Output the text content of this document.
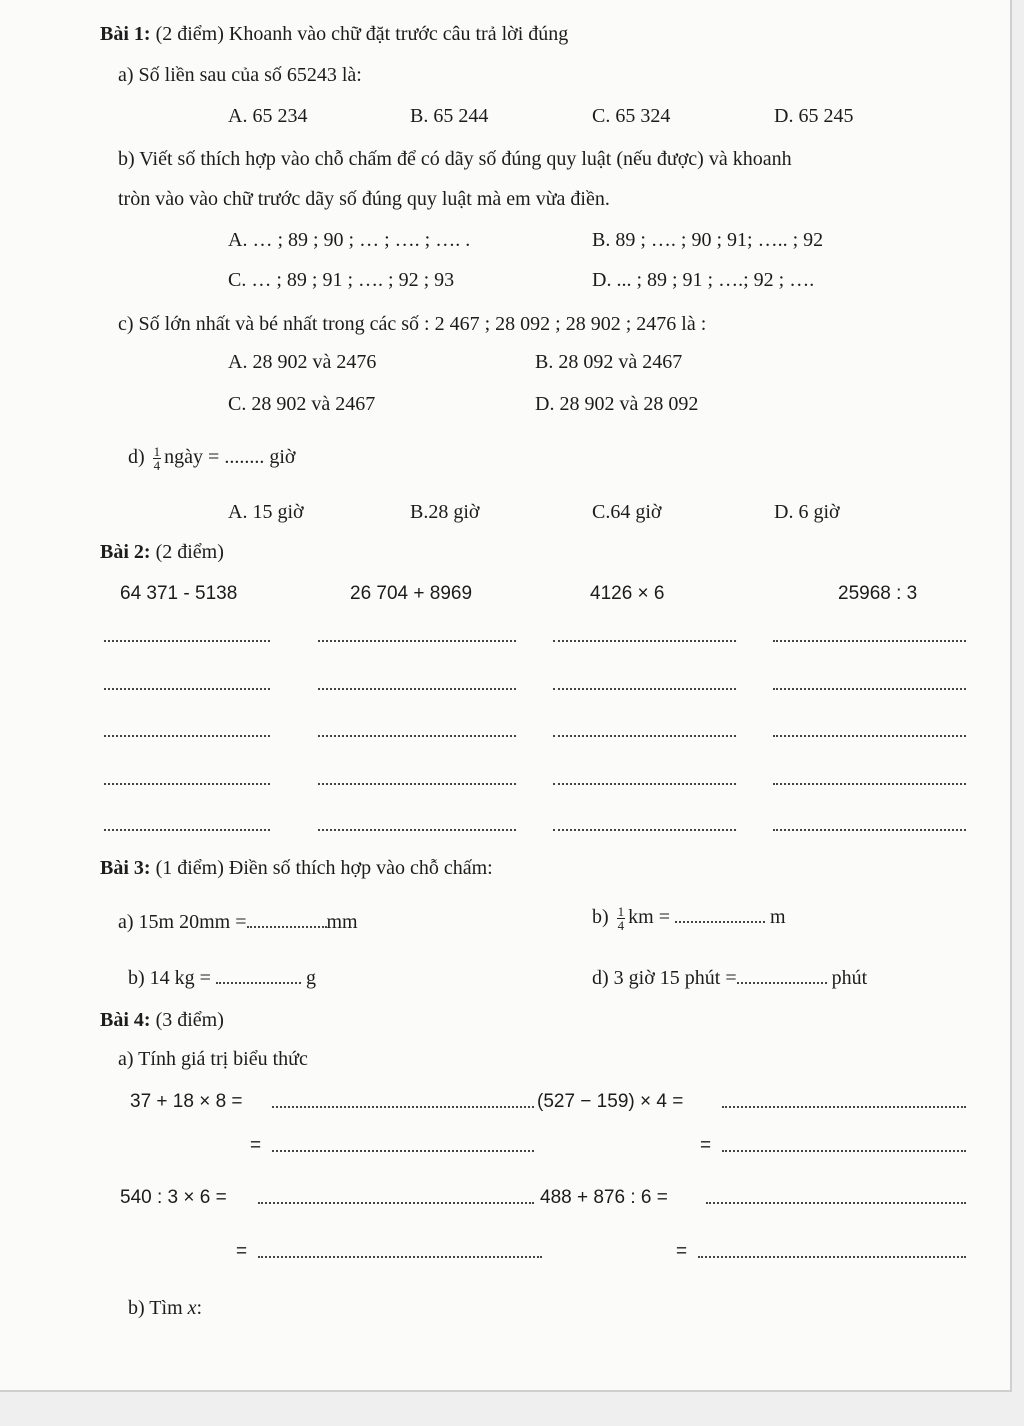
Bài 1: (2 điểm) Khoanh vào chữ đặt trước câu trả lời đúng
a) Số liền sau của số 65243 là:
A. 65 234	B. 65 244	C. 65 324	D. 65 245
b) Viết số thích hợp vào chỗ chấm để có dãy số đúng quy luật (nếu được) và khoanh
tròn vào vào chữ trước dãy số đúng quy luật mà em vừa điền.
A. … ; 89 ; 90 ; … ; …. ; …. .	B. 89 ; …. ; 90 ; 91; ….. ; 92
C. … ; 89 ; 91 ; …. ; 92 ; 93	D. ... ; 89 ; 91 ; ….; 92 ; ….
c) Số lớn nhất và bé nhất trong các số : 2 467 ; 28 092 ; 28 902 ; 2476 là :
A. 28 902 và 2476	B. 28 092 và 2467
C. 28 902 và 2467	D. 28 902 và 28 092
$d) \frac{1}{4}$ ngày = ........ giờ
A. 15 giờ	B.28 giờ	C.64 giờ	D. 6 giờ
Bài 2: (2 điểm)
64 371 - 5138	26 704 + 8969	4126 × 6	25968 : 3
Bài 3: (1 điểm) Điền số thích hợp vào chỗ chấm:
a) 15m 20mm =	mm	$b) \frac{1}{4}$ km =	m
b) 14 kg =	g	d) 3 giờ 15 phút =	phút
Bài 4: (3 điểm)
a) Tính giá trị biểu thức
37 + 18 × 8 =	(527 − 159) × 4 =
=	=
540 : 3 × 6 =	488 + 876 : 6 =
=	=
b) Tìm x:
